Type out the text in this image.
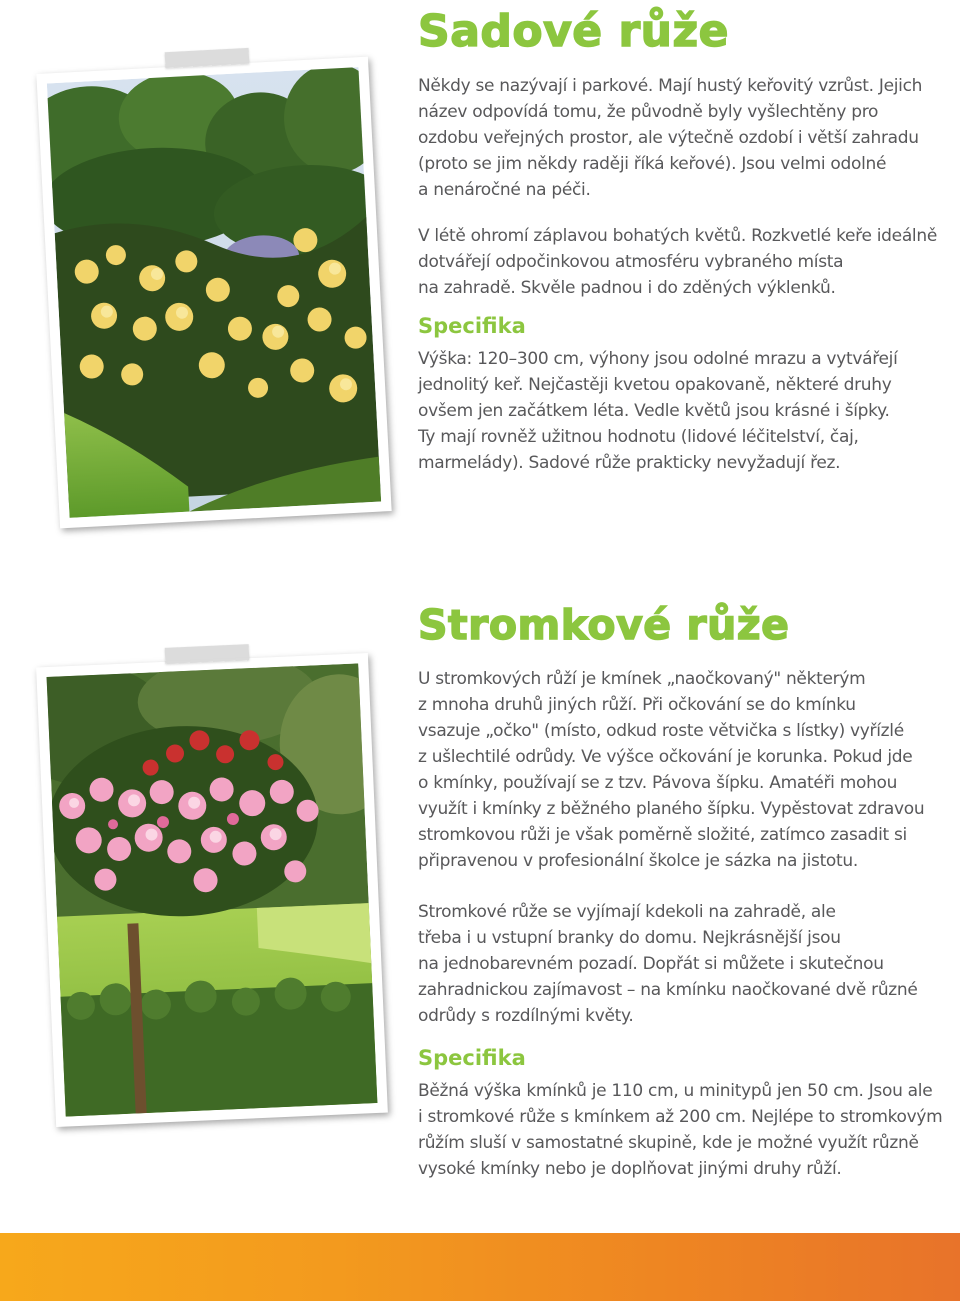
Sadové růže

Někdy se nazývají i parkové. Mají hustý keřovitý vzrůst. Jejich
název odpovídá tomu, že původně byly vyšlechtěny pro
ozdobu veřejných prostor, ale výtečně ozdobí i větší zahradu
(proto se jim někdy raději říká keřové). Jsou velmi odolné
a nenáročné na péči.

V létě ohromí záplavou bohatých květů. Rozkvetlé keře ideálně
dotvářejí odpočinkovou atmosféru vybraného místa
na zahradě. Skvěle padnou i do zděných výklenků.

Specifika

Výška: 120–300 cm, výhony jsou odolné mrazu a vytvářejí
jednolitý keř. Nejčastěji kvetou opakovaně, některé druhy
ovšem jen začátkem léta. Vedle květů jsou krásné i šípky.
Ty mají rovněž užitnou hodnotu (lidové léčitelství, čaj,
marmelády). Sadové růže prakticky nevyžadují řez.

Stromkové růže

U stromkových růží je kmínek „naočkovaný" některým
z mnoha druhů jiných růží. Při očkování se do kmínku
vsazuje „očko" (místo, odkud roste větvička s lístky) vyřízlé
z ušlechtilé odrůdy. Ve výšce očkování je korunka. Pokud jde
o kmínky, používají se z tzv. Pávova šípku. Amatéři mohou
využít i kmínky z běžného planého šípku. Vypěstovat zdravou
stromkovou růži je však poměrně složité, zatímco zasadit si
připravenou v profesionální školce je sázka na jistotu.

Stromkové růže se vyjímají kdekoli na zahradě, ale
třeba i u vstupní branky do domu. Nejkrásnější jsou
na jednobarevném pozadí. Dopřát si můžete i skutečnou
zahradnickou zajímavost – na kmínku naočkované dvě různé
odrůdy s rozdílnými květy.

Specifika

Běžná výška kmínků je 110 cm, u minitypů jen 50 cm. Jsou ale
i stromkové růže s kmínkem až 200 cm. Nejlépe to stromkovým
růžím sluší v samostatné skupině, kde je možné využít různě
vysoké kmínky nebo je doplňovat jinými druhy růží.
